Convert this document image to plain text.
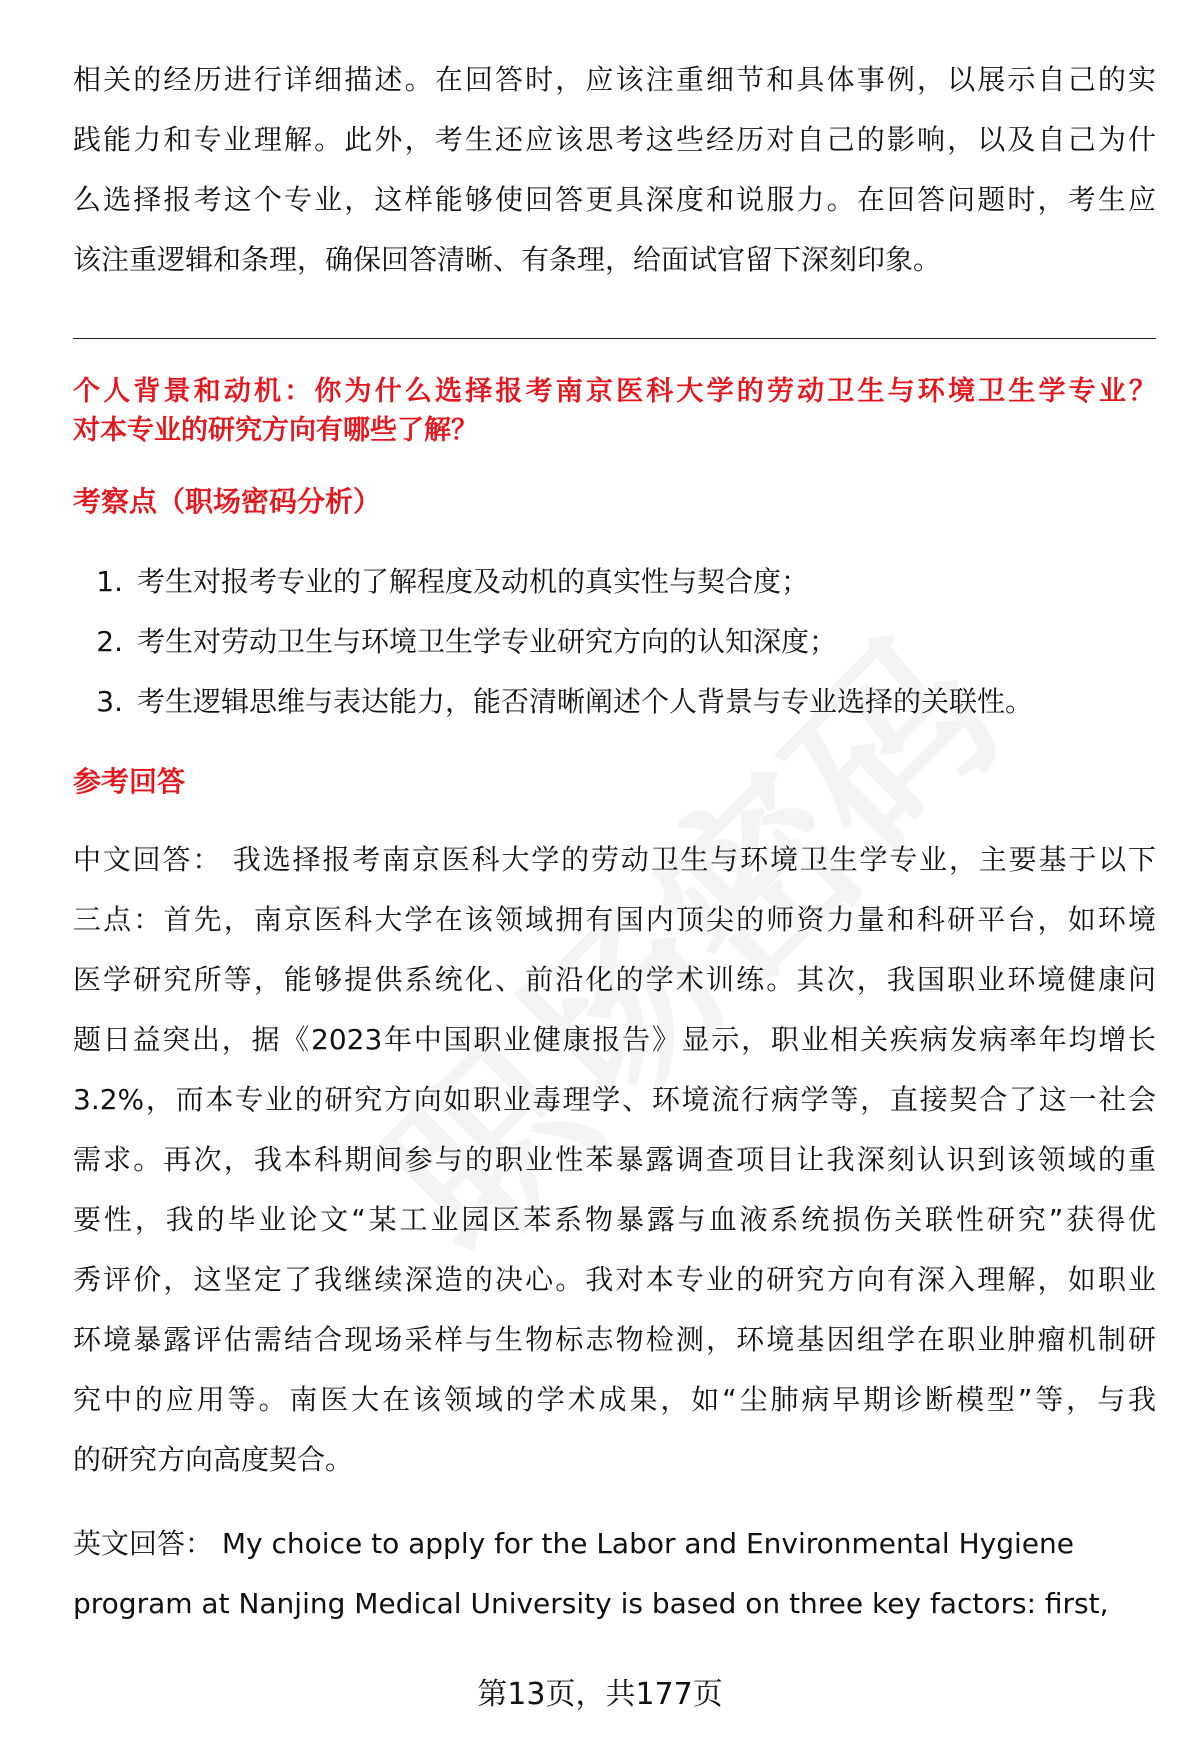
相关的经历进行详细描述。在回答时，应该注重细节和具体事例，以展示自己的实
践能力和专业理解。此外，考生还应该思考这些经历对自己的影响，以及自己为什
么选择报考这个专业，这样能够使回答更具深度和说服力。在回答问题时，考生应
该注重逻辑和条理，确保回答清晰、有条理，给面试官留下深刻印象。
个人背景和动机：你为什么选择报考南京医科大学的劳动卫生与环境卫生学专业？
对本专业的研究方向有哪些了解？
考察点（职场密码分析）
1. 考生对报考专业的了解程度及动机的真实性与契合度；
2. 考生对劳动卫生与环境卫生学专业研究方向的认知深度；
3. 考生逻辑思维与表达能力，能否清晰阐述个人背景与专业选择的关联性。
参考回答
中文回答： 我选择报考南京医科大学的劳动卫生与环境卫生学专业，主要基于以下
三点：首先，南京医科大学在该领域拥有国内顶尖的师资力量和科研平台，如环境
医学研究所等，能够提供系统化、前沿化的学术训练。其次，我国职业环境健康问
题日益突出，据《2023年中国职业健康报告》显示，职业相关疾病发病率年均增长
3.2%，而本专业的研究方向如职业毒理学、环境流行病学等，直接契合了这一社会
需求。再次，我本科期间参与的职业性苯暴露调查项目让我深刻认识到该领域的重
要性，我的毕业论文“某工业园区苯系物暴露与血液系统损伤关联性研究”获得优
秀评价，这坚定了我继续深造的决心。我对本专业的研究方向有深入理解，如职业
环境暴露评估需结合现场采样与生物标志物检测，环境基因组学在职业肿瘤机制研
究中的应用等。南医大在该领域的学术成果，如“尘肺病早期诊断模型”等，与我
的研究方向高度契合。
英文回答： My choice to apply for the Labor and Environmental Hygiene
program at Nanjing Medical University is based on three key factors: first,
第13页，共177页
